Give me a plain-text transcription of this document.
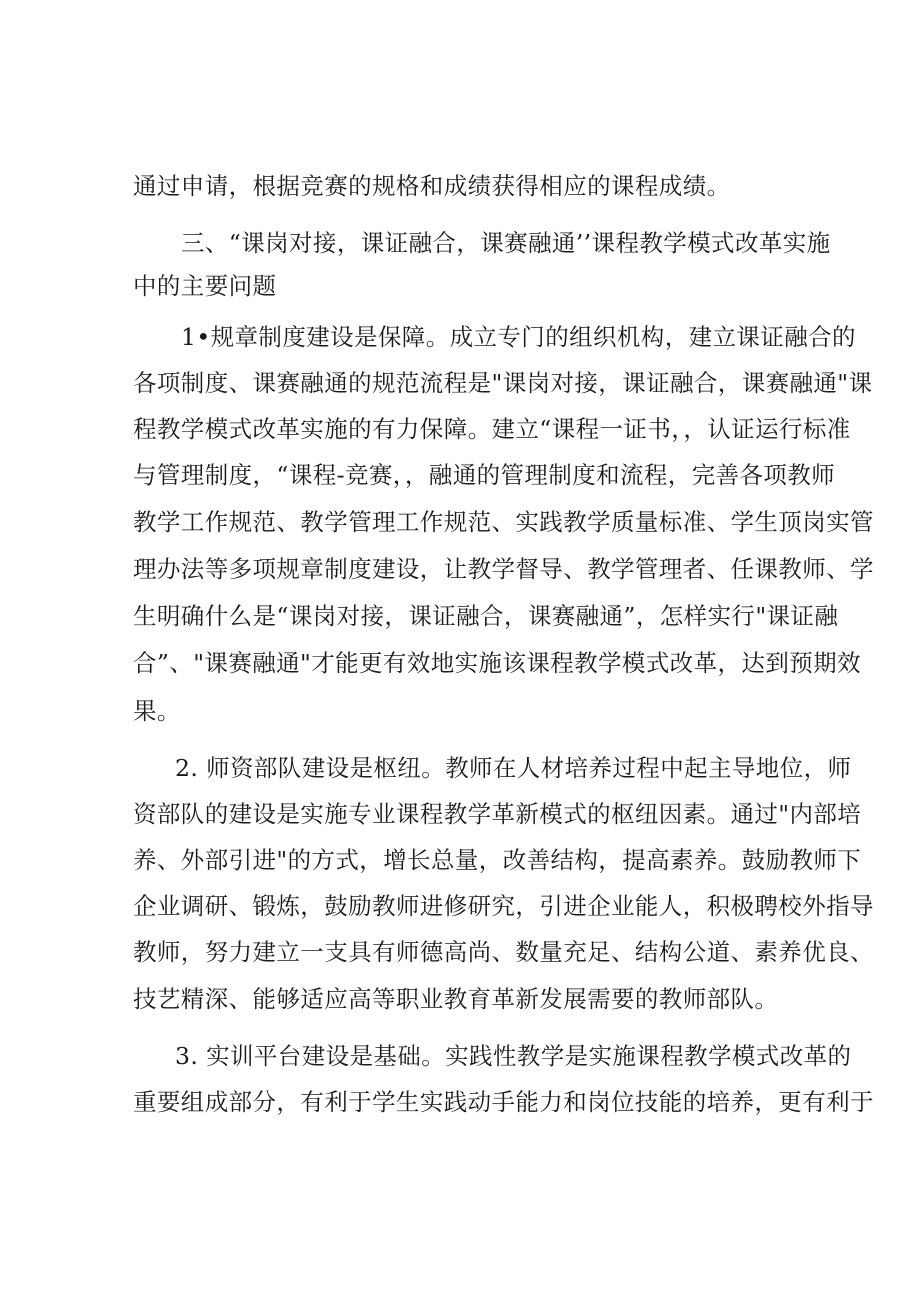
通过申请，根据竞赛的规格和成绩获得相应的课程成绩。
三、“课岗对接，课证融合，课赛融通’’课程教学模式改革实施
中的主要问题
1•规章制度建设是保障。成立专门的组织机构，建立课证融合的
各项制度、课赛融通的规范流程是"课岗对接，课证融合，课赛融通"课
程教学模式改革实施的有力保障。建立“课程一证书，，认证运行标准
与管理制度，“课程-竞赛，，融通的管理制度和流程，完善各项教师
教学工作规范、教学管理工作规范、实践教学质量标准、学生顶岗实管
理办法等多项规章制度建设，让教学督导、教学管理者、任课教师、学
生明确什么是“课岗对接，课证融合，课赛融通”，怎样实行"课证融
合”、"课赛融通"才能更有效地实施该课程教学模式改革，达到预期效
果。
2. 师资部队建设是枢纽。教师在人材培养过程中起主导地位，师
资部队的建设是实施专业课程教学革新模式的枢纽因素。通过"内部培
养、外部引进"的方式，增长总量，改善结构，提高素养。鼓励教师下
企业调研、锻炼，鼓励教师进修研究，引进企业能人，积极聘校外指导
教师，努力建立一支具有师德高尚、数量充足、结构公道、素养优良、
技艺精深、能够适应高等职业教育革新发展需要的教师部队。
3. 实训平台建设是基础。实践性教学是实施课程教学模式改革的
重要组成部分，有利于学生实践动手能力和岗位技能的培养，更有利于
